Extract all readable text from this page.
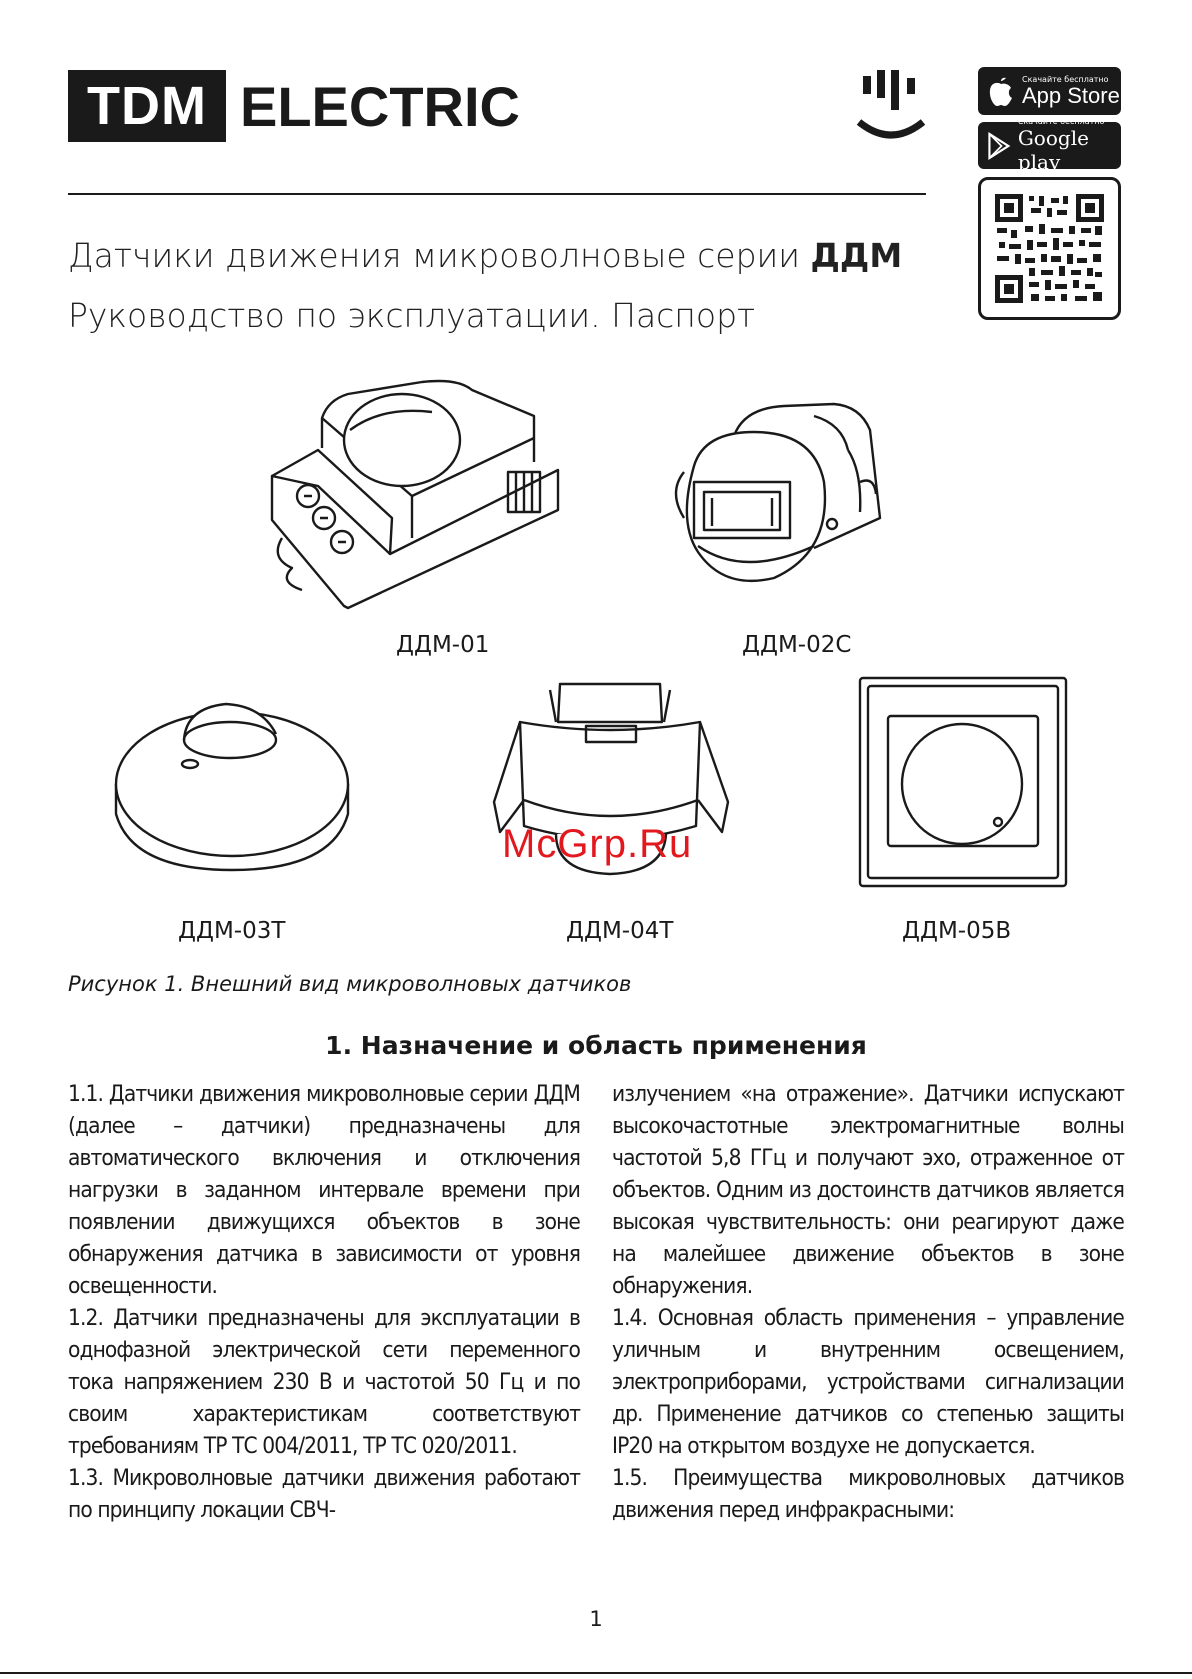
TDM ELECTRIC	Скачайте бесплатно
App Store
Скачайте бесплатно
Google play
Датчики движения микроволновые серии ДДМ
Руководство по эксплуатации. Паспорт
ДДМ-01	ДДМ-02С
ДДМ-03Т	ДДМ-04Т	ДДМ-05В
McGrp.Ru
Рисунок 1. Внешний вид микроволновых датчиков
1. Назначение и область применения

1.1. Датчики движения микроволновые серии ДДМ (далее – датчики) предназначены для автоматического включения и отключения нагрузки в заданном интервале времени при появлении движущихся объектов в зоне обнаружения датчика в зависимости от уровня освещенности.

1.2. Датчики предназначены для эксплуатации в однофазной электрической сети переменного тока напряжением 230 В и частотой 50 Гц и по своим характеристикам соответствуют требованиям ТР ТС 004/2011, ТР ТС 020/2011.

1.3. Микроволновые датчики движения работают по принципу локации СВЧ-

излучением «на отражение». Датчики испускают высокочастотные электромагнитные волны частотой 5,8 ГГц и получают эхо, отраженное от объектов. Одним из достоинств датчиков является высокая чувствительность: они реагируют даже на малейшее движение объектов в зоне обнаружения.

1.4. Основная область применения – управление уличным и внутренним освещением, электроприборами, устройствами сигнализации др. Применение датчиков со степенью защиты IP20 на открытом воздухе не допускается.

1.5. Преимущества микроволновых датчиков движения перед инфракрасными:

1
